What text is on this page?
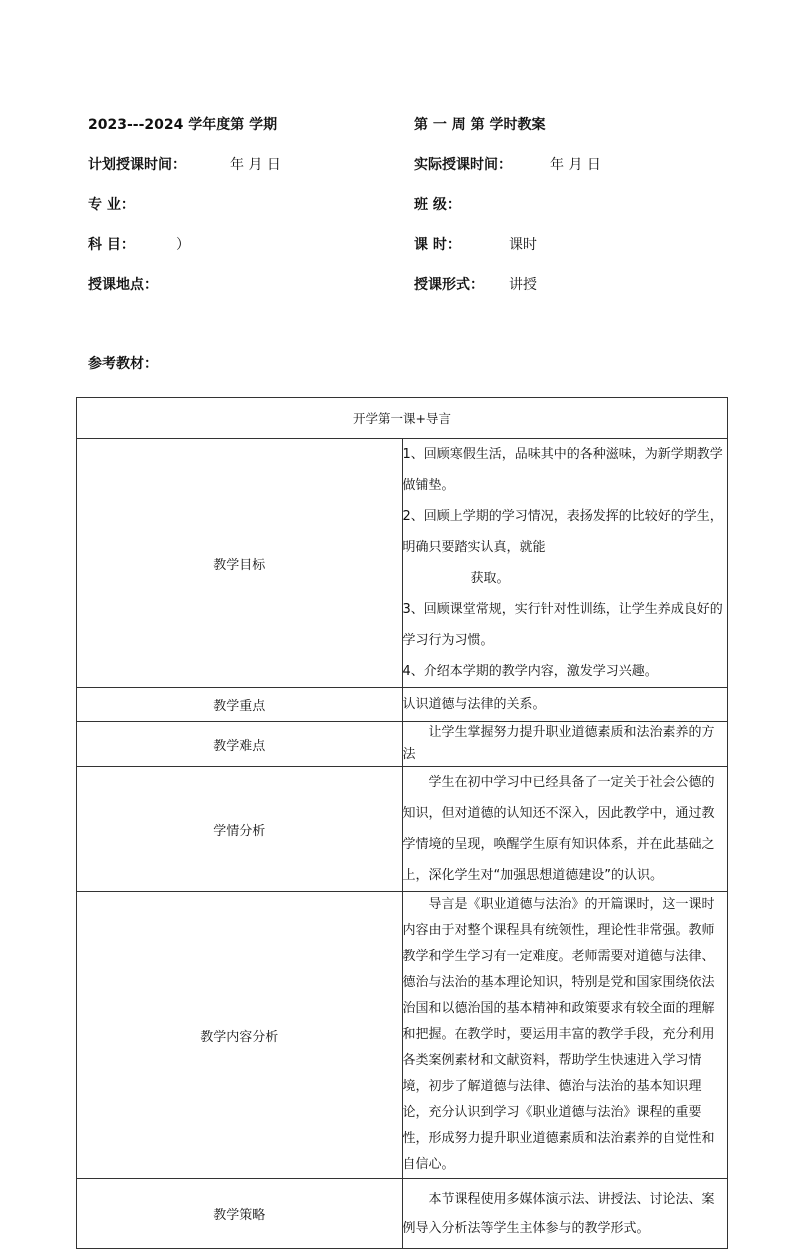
2023---2024 学年度第 学期	第 一 周 第 学时教案
计划授课时间：	年 月 日	实际授课时间：	年 月 日
专 业：	班 级：
科 目：	）	课 时：	课时
授课地点：	授课形式： 讲授
参考教材：
开学第一课+导言	
教学目标	1、回顾寒假生活，品味其中的各种滋味，为新学期教学做铺垫。

2、回顾上学期的学习情况，表扬发挥的比较好的学生，明确只要踏实认真，就能

获取。

3、回顾课堂常规，实行针对性训练，让学生养成良好的学习行为习惯。

4、介绍本学期的教学内容，激发学习兴趣。

教学重点	认识道德与法律的关系。
教学难点	让学生掌握努力提升职业道德素质和法治素养的方法
学情分析	学生在初中学习中已经具备了一定关于社会公德的知识，但对道德的认知还不深入，因此教学中，通过教学情境的呈现，唤醒学生原有知识体系，并在此基础之上，深化学生对“加强思想道德建设”的认识。
教学内容分析	导言是《职业道德与法治》的开篇课时，这一课时内容由于对整个课程具有统领性，理论性非常强。教师教学和学生学习有一定难度。老师需要对道德与法律、德治与法治的基本理论知识，特别是党和国家围绕依法治国和以德治国的基本精神和政策要求有较全面的理解和把握。在教学时，要运用丰富的教学手段，充分利用各类案例素材和文献资料，帮助学生快速进入学习情境，初步了解道德与法律、德治与法治的基本知识理论，充分认识到学习《职业道德与法治》课程的重要性，形成努力提升职业道德素质和法治素养的自觉性和自信心。
教学策略	本节课程使用多媒体演示法、讲授法、讨论法、案例导入分析法等学生主体参与的教学形式。
